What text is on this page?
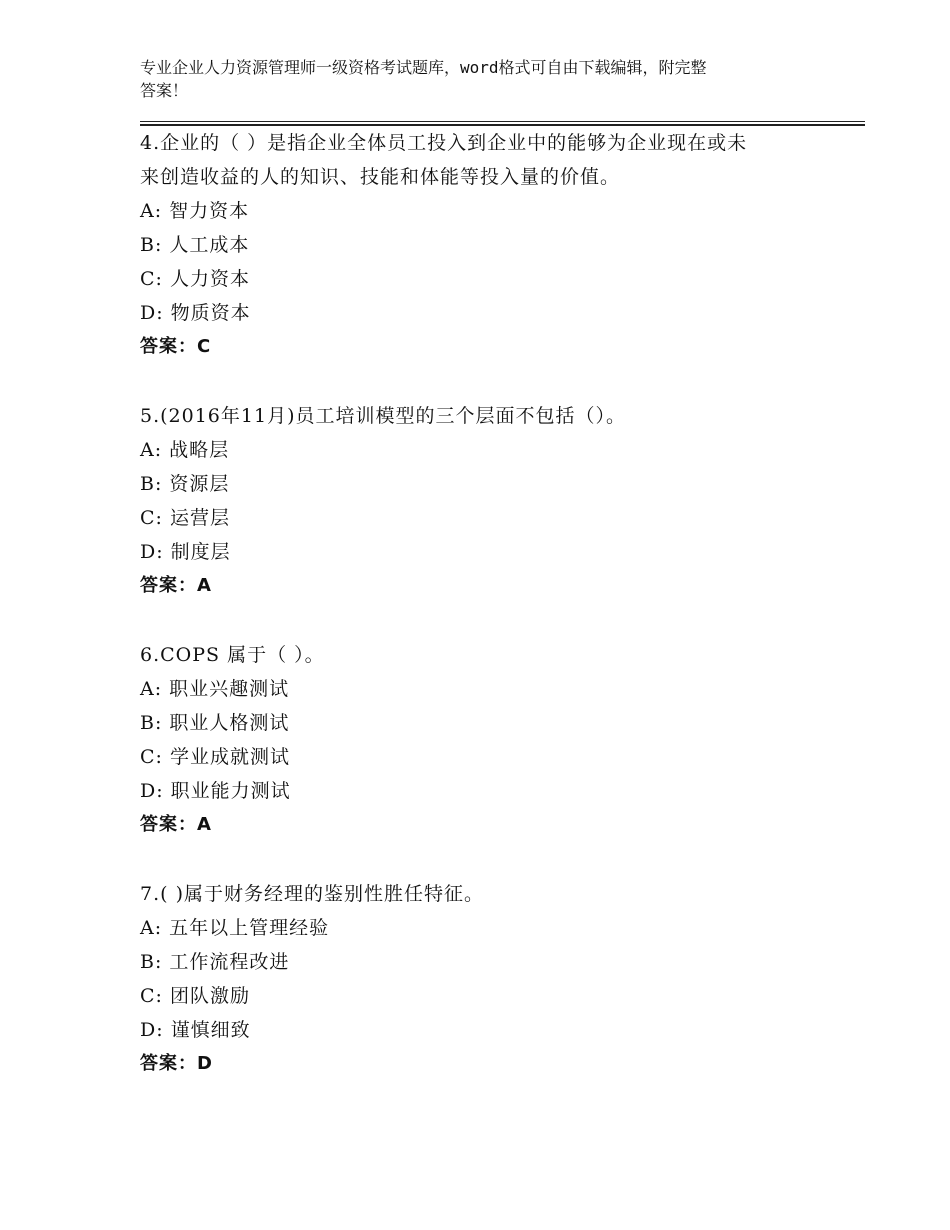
专业企业人力资源管理师一级资格考试题库，word格式可自由下载编辑，附完整
答案！

4.企业的（ ）是指企业全体员工投入到企业中的能够为企业现在或未

来创造收益的人的知识、技能和体能等投入量的价值。

A: 智力资本

B: 人工成本

C: 人力资本

D: 物质资本

答案：C

5.(2016年11月)员工培训模型的三个层面不包括（）。

A: 战略层

B: 资源层

C: 运营层

D: 制度层

答案：A

6.COPS 属于（ ）。

A: 职业兴趣测试

B: 职业人格测试

C: 学业成就测试

D: 职业能力测试

答案：A

7.( )属于财务经理的鉴别性胜任特征。

A: 五年以上管理经验

B: 工作流程改进

C: 团队激励

D: 谨慎细致

答案：D
